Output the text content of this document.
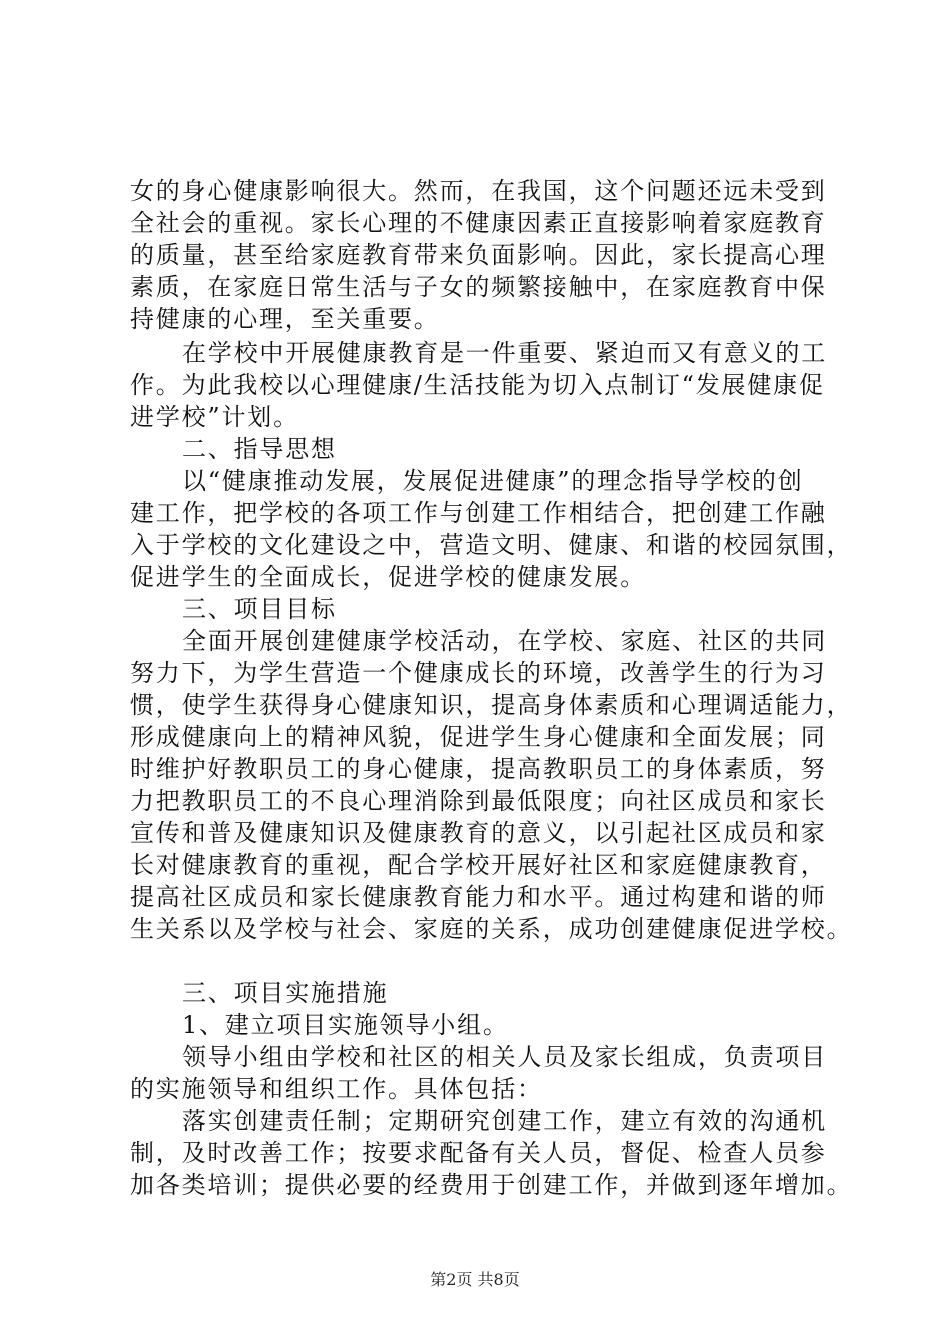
女的身心健康影响很大。然而，在我国，这个问题还远未受到
全社会的重视。家长心理的不健康因素正直接影响着家庭教育
的质量，甚至给家庭教育带来负面影响。因此，家长提高心理
素质，在家庭日常生活与子女的频繁接触中，在家庭教育中保
持健康的心理，至关重要。
在学校中开展健康教育是一件重要、紧迫而又有意义的工
作。为此我校以心理健康/生活技能为切入点制订“发展健康促
进学校”计划。
二、指导思想
以“健康推动发展，发展促进健康”的理念指导学校的创
建工作，把学校的各项工作与创建工作相结合，把创建工作融
入于学校的文化建设之中，营造文明、健康、和谐的校园氛围，
促进学生的全面成长，促进学校的健康发展。
三、项目目标
全面开展创建健康学校活动，在学校、家庭、社区的共同
努力下，为学生营造一个健康成长的环境，改善学生的行为习
惯，使学生获得身心健康知识，提高身体素质和心理调适能力，
形成健康向上的精神风貌，促进学生身心健康和全面发展；同
时维护好教职员工的身心健康，提高教职员工的身体素质，努
力把教职员工的不良心理消除到最低限度；向社区成员和家长
宣传和普及健康知识及健康教育的意义，以引起社区成员和家
长对健康教育的重视，配合学校开展好社区和家庭健康教育，
提高社区成员和家长健康教育能力和水平。通过构建和谐的师
生关系以及学校与社会、家庭的关系，成功创建健康促进学校。
三、项目实施措施
1、建立项目实施领导小组。
领导小组由学校和社区的相关人员及家长组成，负责项目
的实施领导和组织工作。具体包括：
落实创建责任制；定期研究创建工作，建立有效的沟通机
制，及时改善工作；按要求配备有关人员，督促、检查人员参
加各类培训；提供必要的经费用于创建工作，并做到逐年增加。
第2页 共8页
